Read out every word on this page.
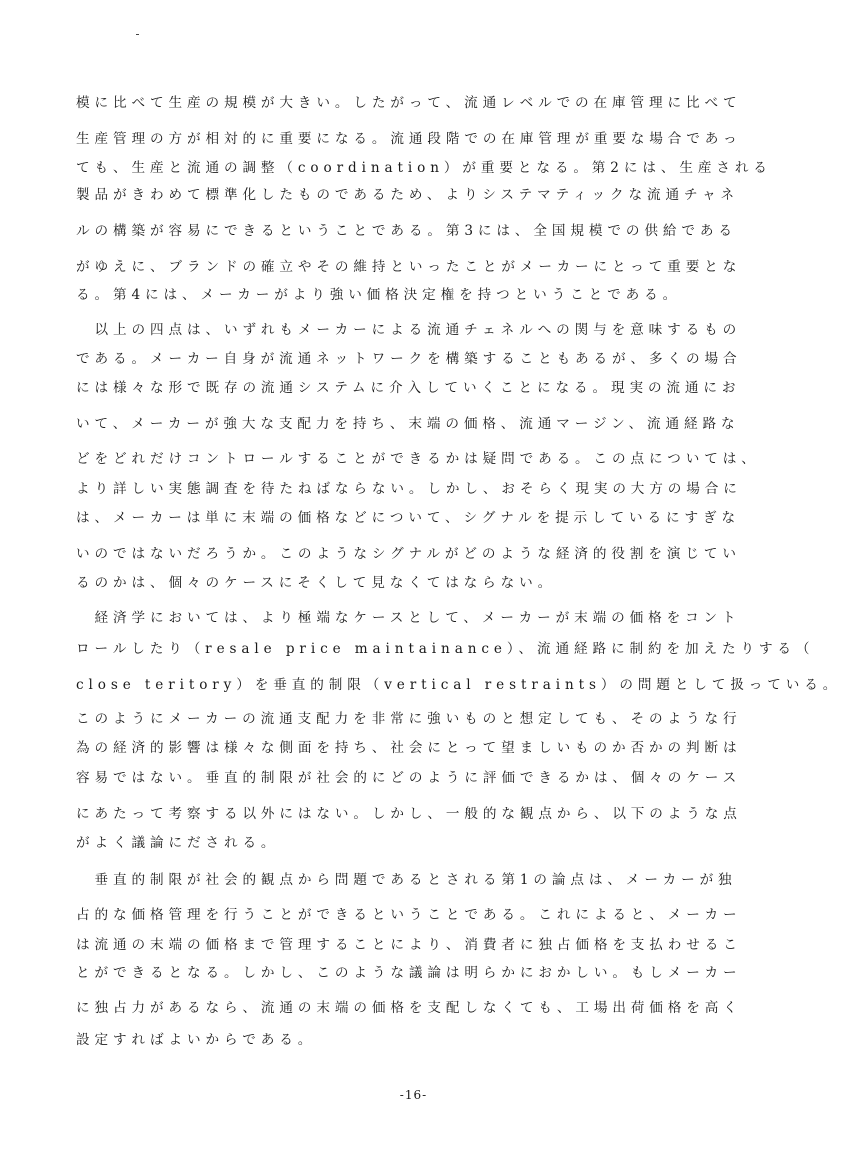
模に比べて生産の規模が大きい。したがって、流通レベルでの在庫管理に比べて
生産管理の方が相対的に重要になる。流通段階での在庫管理が重要な場合であっ
ても、生産と流通の調整（coordination）が重要となる。第2には、生産される
製品がきわめて標準化したものであるため、よりシステマティックな流通チャネ
ルの構築が容易にできるということである。第3には、全国規模での供給である
がゆえに、ブランドの確立やその維持といったことがメーカーにとって重要とな
る。第4には、メーカーがより強い価格決定権を持つということである。
　以上の四点は、いずれもメーカーによる流通チェネルへの関与を意味するもの
である。メーカー自身が流通ネットワークを構築することもあるが、多くの場合
には様々な形で既存の流通システムに介入していくことになる。現実の流通にお
いて、メーカーが強大な支配力を持ち、末端の価格、流通マージン、流通経路な
どをどれだけコントロールすることができるかは疑問である。この点については、
より詳しい実態調査を待たねばならない。しかし、おそらく現実の大方の場合に
は、メーカーは単に末端の価格などについて、シグナルを提示しているにすぎな
いのではないだろうか。このようなシグナルがどのような経済的役割を演じてい
るのかは、個々のケースにそくして見なくてはならない。
　経済学においては、より極端なケースとして、メーカーが末端の価格をコント
ロールしたり（resale price maintainance）、流通経路に制約を加えたりする（
close teritory）を垂直的制限（vertical restraints）の問題として扱っている。
このようにメーカーの流通支配力を非常に強いものと想定しても、そのような行
為の経済的影響は様々な側面を持ち、社会にとって望ましいものか否かの判断は
容易ではない。垂直的制限が社会的にどのように評価できるかは、個々のケース
にあたって考察する以外にはない。しかし、一般的な観点から、以下のような点
がよく議論にだされる。
　垂直的制限が社会的観点から問題であるとされる第1の論点は、メーカーが独
占的な価格管理を行うことができるということである。これによると、メーカー
は流通の末端の価格まで管理することにより、消費者に独占価格を支払わせるこ
とができるとなる。しかし、このような議論は明らかにおかしい。もしメーカー
に独占力があるなら、流通の末端の価格を支配しなくても、工場出荷価格を高く
設定すればよいからである。
-16-
